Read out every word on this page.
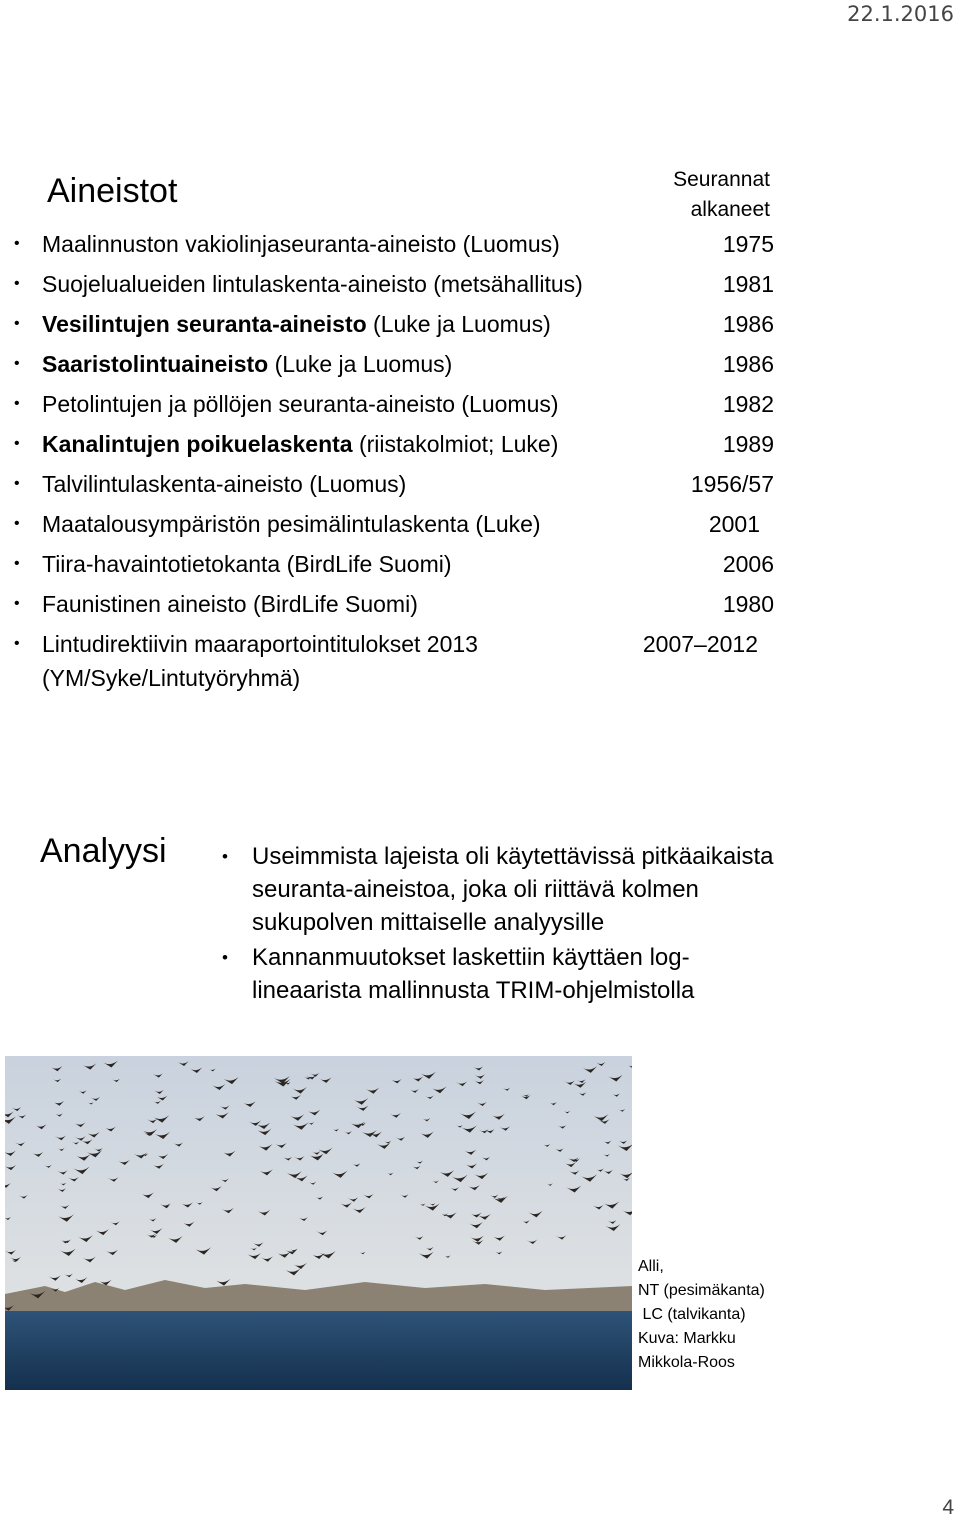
22.1.2016
Aineistot	Seurannat
alkaneet
• Maalinnuston vakiolinjaseuranta-aineisto (Luomus)	1975
• Suojelualueiden lintulaskenta-aineisto (metsähallitus)	1981
• Vesilintujen seuranta-aineisto (Luke ja Luomus)	1986
• Saaristolintuaineisto (Luke ja Luomus)	1986
• Petolintujen ja pöllöjen seuranta-aineisto (Luomus)	1982
• Kanalintujen poikuelaskenta (riistakolmiot; Luke)	1989
• Talvilintulaskenta-aineisto (Luomus)	1956/57
• Maatalousympäristön pesimälintulaskenta (Luke)	2001
• Tiira-havaintotietokanta (BirdLife Suomi)	2006
• Faunistinen aineisto (BirdLife Suomi)	1980
• Lintudirektiivin maaraportointitulokset 2013	2007–2012
(YM/Syke/Lintutyöryhmä)
Analyysi	• Useimmista lajeista oli käytettävissä pitkäaikaista seuranta-aineistoa, joka oli riittävä kolmen sukupolven mittaiselle analyysille
• Kannanmuutokset laskettiin käyttäen log-lineaarista mallinnusta TRIM-ohjelmistolla
Alli,
NT (pesimäkanta)
LC (talvikanta)
Kuva: Markku
Mikkola-Roos
4
